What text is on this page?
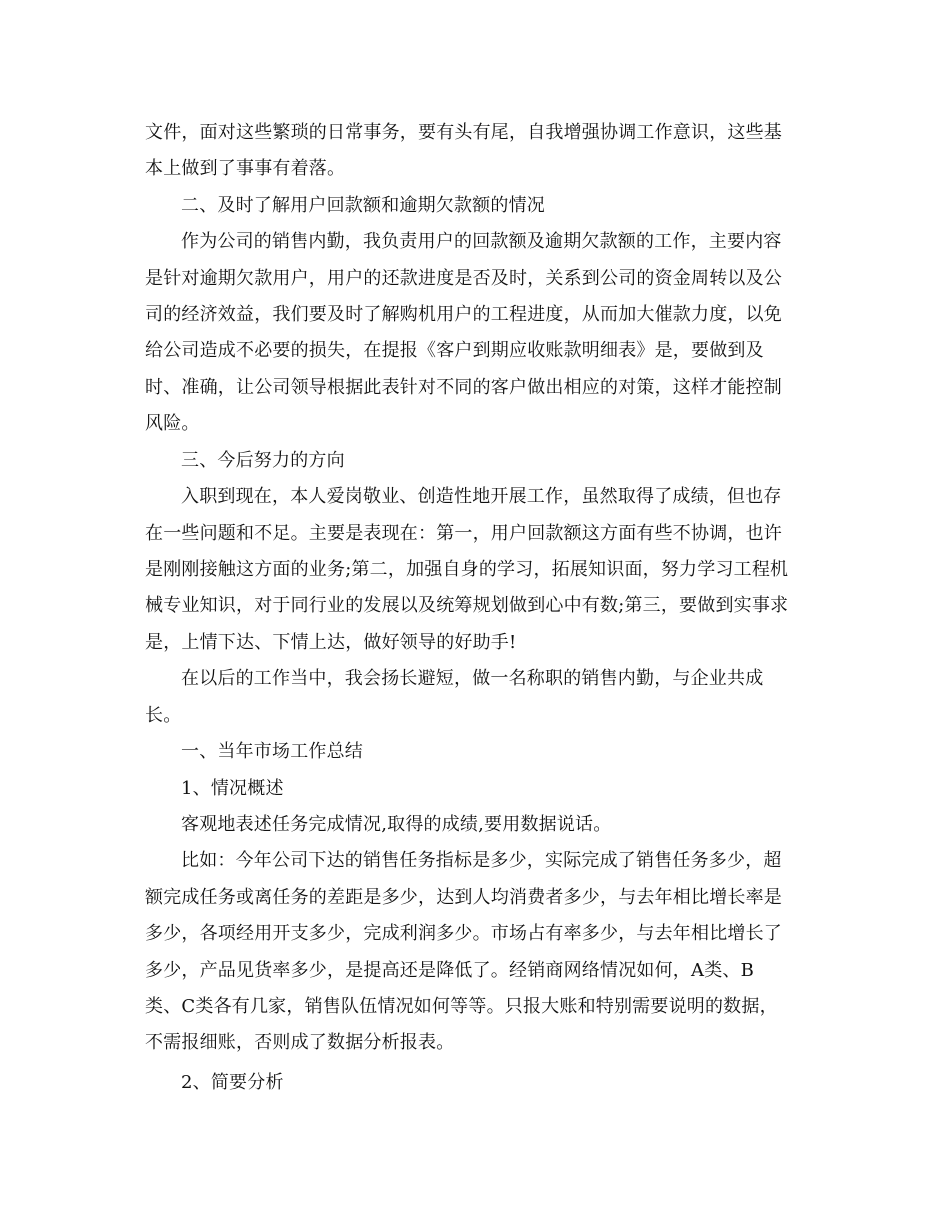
文件，面对这些繁琐的日常事务，要有头有尾，自我增强协调工作意识，这些基
本上做到了事事有着落。
二、及时了解用户回款额和逾期欠款额的情况
作为公司的销售内勤，我负责用户的回款额及逾期欠款额的工作，主要内容
是针对逾期欠款用户，用户的还款进度是否及时，关系到公司的资金周转以及公
司的经济效益，我们要及时了解购机用户的工程进度，从而加大催款力度，以免
给公司造成不必要的损失，在提报《客户到期应收账款明细表》是，要做到及
时、准确，让公司领导根据此表针对不同的客户做出相应的对策，这样才能控制
风险。
三、今后努力的方向
入职到现在，本人爱岗敬业、创造性地开展工作，虽然取得了成绩，但也存
在一些问题和不足。主要是表现在：第一，用户回款额这方面有些不协调，也许
是刚刚接触这方面的业务;第二，加强自身的学习，拓展知识面，努力学习工程机
械专业知识，对于同行业的发展以及统筹规划做到心中有数;第三，要做到实事求
是，上情下达、下情上达，做好领导的好助手!
在以后的工作当中，我会扬长避短，做一名称职的销售内勤，与企业共成
长。
一、当年市场工作总结
1、情况概述
客观地表述任务完成情况,取得的成绩,要用数据说话。
比如：今年公司下达的销售任务指标是多少，实际完成了销售任务多少，超
额完成任务或离任务的差距是多少，达到人均消费者多少，与去年相比增长率是
多少，各项经用开支多少，完成利润多少。市场占有率多少，与去年相比增长了
多少，产品见货率多少，是提高还是降低了。经销商网络情况如何，A类、B
类、C类各有几家，销售队伍情况如何等等。只报大账和特别需要说明的数据，
不需报细账，否则成了数据分析报表。
2、简要分析
